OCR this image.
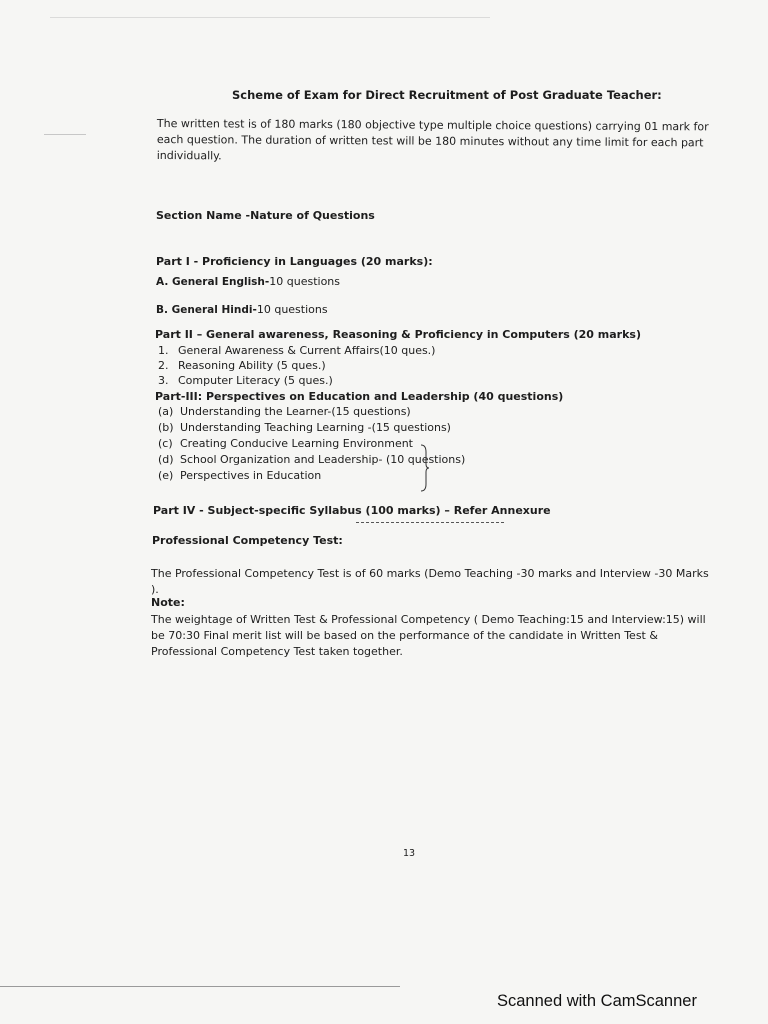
Scheme of Exam for Direct Recruitment of Post Graduate Teacher:
The written test is of 180 marks (180 objective type multiple choice questions) carrying 01 mark for each question. The duration of written test will be 180 minutes without any time limit for each part individually.
Section Name -Nature of Questions
Part I - Proficiency in Languages (20 marks):
A. General English-10 questions
B. General Hindi-10 questions
Part II – General awareness, Reasoning & Proficiency in Computers (20 marks)
1. General Awareness & Current Affairs(10 ques.)
2. Reasoning Ability (5 ques.)
3. Computer Literacy (5 ques.)
Part-III: Perspectives on Education and Leadership (40 questions)
(a) Understanding the Learner-(15 questions)
(b) Understanding Teaching Learning -(15 questions)
(c) Creating Conducive Learning Environment
(d) School Organization and Leadership- (10 questions)
(e) Perspectives in Education
Part IV - Subject-specific Syllabus (100 marks) – Refer Annexure
Professional Competency Test:
The Professional Competency Test is of 60 marks (Demo Teaching -30 marks and Interview -30 Marks ).
Note:
The weightage of Written Test & Professional Competency ( Demo Teaching:15 and Interview:15) will be 70:30 Final merit list will be based on the performance of the candidate in Written Test & Professional Competency Test taken together.
13
Scanned with CamScanner
